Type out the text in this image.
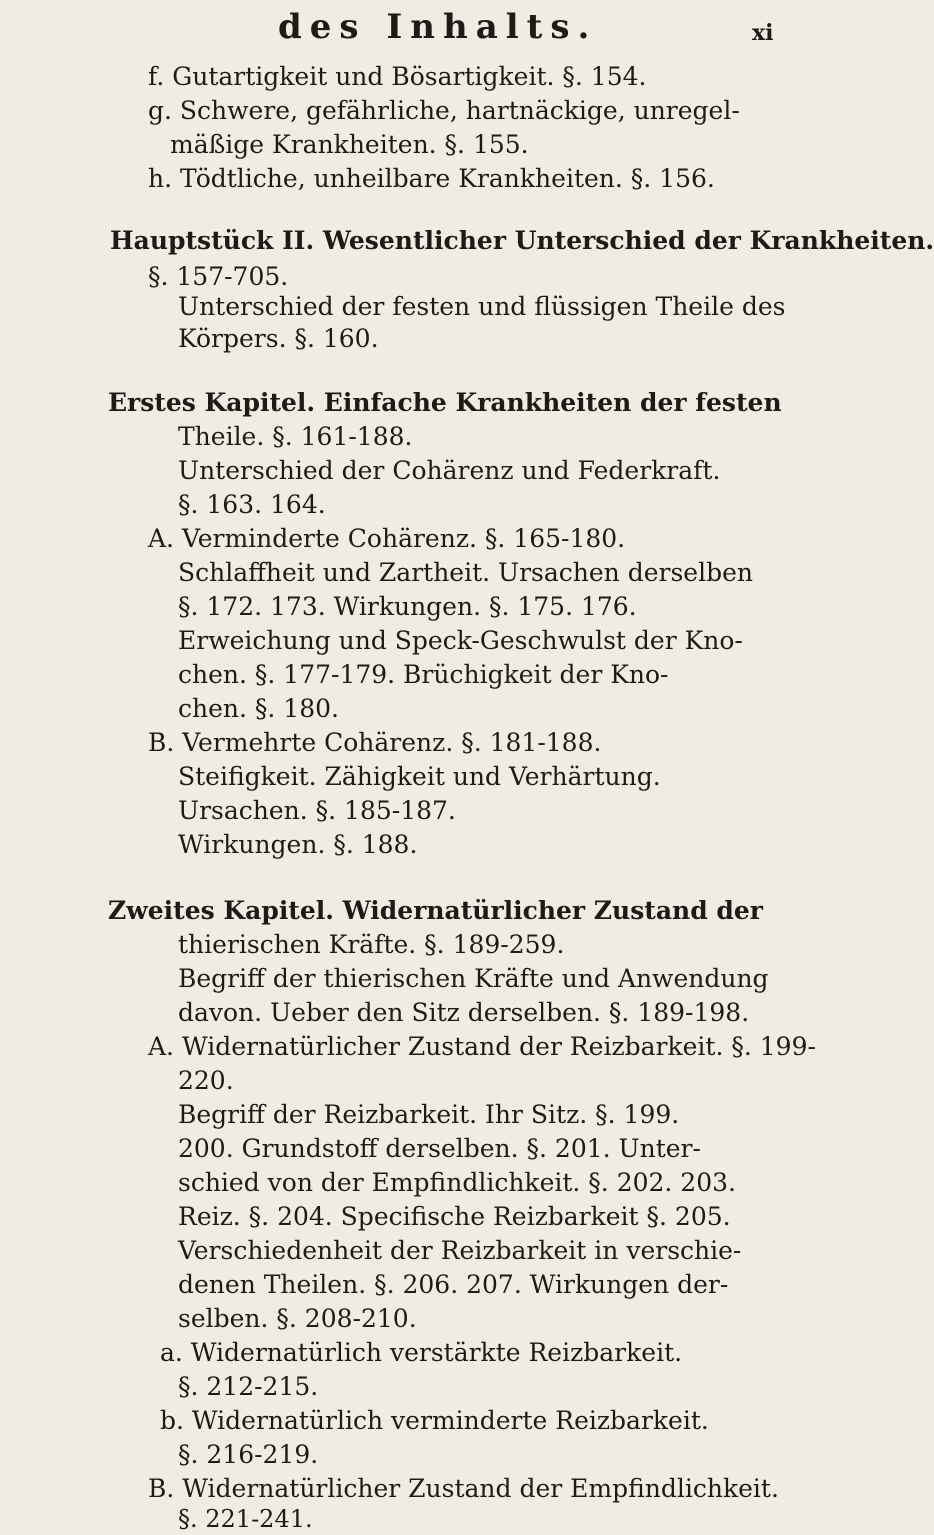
des Inhalts.	xi
f. Gutartigkeit und Bösartigkeit. §. 154.
g. Schwere, gefährliche, hartnäckige, unregel-
mäßige Krankheiten. §. 155.
h. Tödtliche, unheilbare Krankheiten. §. 156.
Hauptstück II. Wesentlicher Unterschied der Krankheiten.
§. 157-705.
Unterschied der festen und flüssigen Theile des
Körpers. §. 160.
Erstes Kapitel. Einfache Krankheiten der festen
Theile. §. 161-188.
Unterschied der Cohärenz und Federkraft.
§. 163. 164.
A. Verminderte Cohärenz. §. 165-180.
Schlaffheit und Zartheit. Ursachen derselben
§. 172. 173. Wirkungen. §. 175. 176.
Erweichung und Speck-Geschwulst der Kno-
chen. §. 177-179. Brüchigkeit der Kno-
chen. §. 180.
B. Vermehrte Cohärenz. §. 181-188.
Steifigkeit. Zähigkeit und Verhärtung.
Ursachen. §. 185-187.
Wirkungen. §. 188.
Zweites Kapitel. Widernatürlicher Zustand der
thierischen Kräfte. §. 189-259.
Begriff der thierischen Kräfte und Anwendung
davon. Ueber den Sitz derselben. §. 189-198.
A. Widernatürlicher Zustand der Reizbarkeit. §. 199-
220.
Begriff der Reizbarkeit. Ihr Sitz. §. 199.
200. Grundstoff derselben. §. 201. Unter-
schied von der Empfindlichkeit. §. 202. 203.
Reiz. §. 204. Specifische Reizbarkeit §. 205.
Verschiedenheit der Reizbarkeit in verschie-
denen Theilen. §. 206. 207. Wirkungen der-
selben. §. 208-210.
a. Widernatürlich verstärkte Reizbarkeit.
§. 212-215.
b. Widernatürlich verminderte Reizbarkeit.
§. 216-219.
B. Widernatürlicher Zustand der Empfindlichkeit.
§. 221-241.
